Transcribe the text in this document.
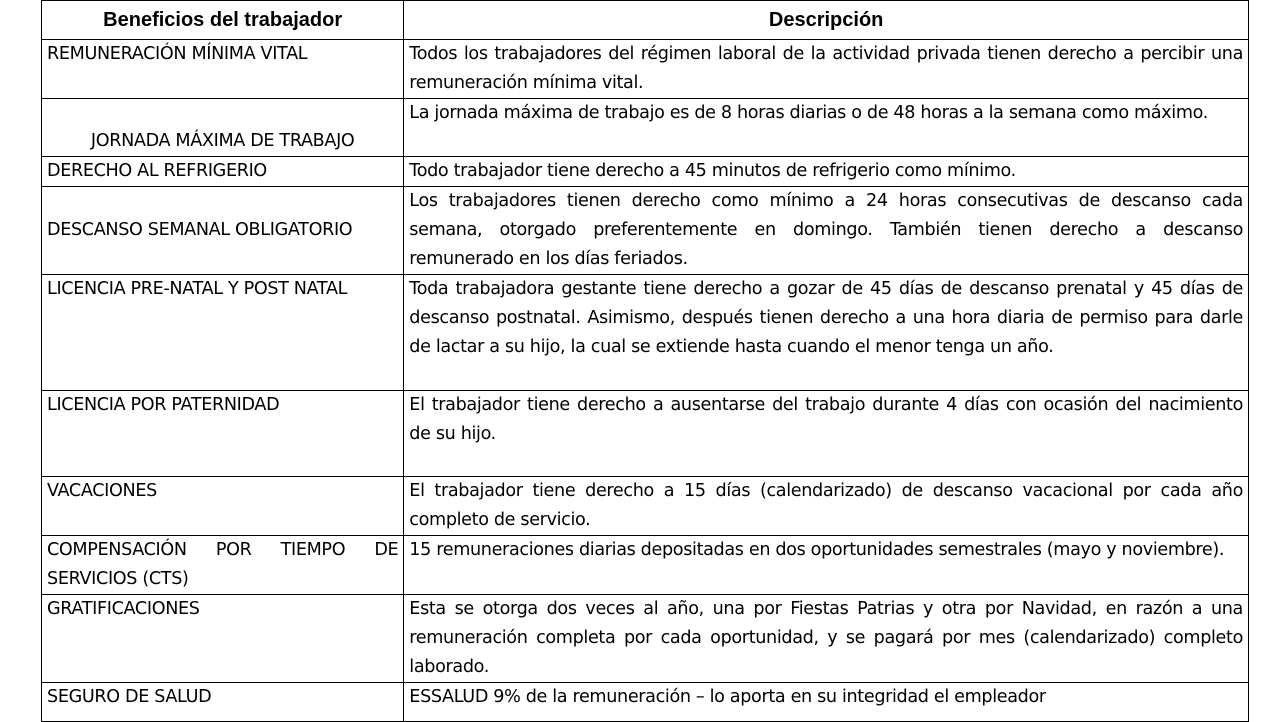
Beneficios del trabajador	Descripción
REMUNERACIÓN MÍNIMA VITAL	Todos los trabajadores del régimen laboral de la actividad privada tienen derecho a percibir una remuneración mínima vital.
JORNADA MÁXIMA DE TRABAJO	La jornada máxima de trabajo es de 8 horas diarias o de 48 horas a la semana como máximo.
DERECHO AL REFRIGERIO	Todo trabajador tiene derecho a 45 minutos de refrigerio como mínimo.
DESCANSO SEMANAL OBLIGATORIO	Los trabajadores tienen derecho como mínimo a 24 horas consecutivas de descanso cada semana, otorgado preferentemente en domingo. También tienen derecho a descanso remunerado en los días feriados.
LICENCIA PRE-NATAL Y POST NATAL	Toda trabajadora gestante tiene derecho a gozar de 45 días de descanso prenatal y 45 días de descanso postnatal. Asimismo, después tienen derecho a una hora diaria de permiso para darle de lactar a su hijo, la cual se extiende hasta cuando el menor tenga un año.
LICENCIA POR PATERNIDAD	El trabajador tiene derecho a ausentarse del trabajo durante 4 días con ocasión del nacimiento de su hijo.
VACACIONES	El trabajador tiene derecho a 15 días (calendarizado) de descanso vacacional por cada año completo de servicio.
COMPENSACIÓN POR TIEMPO DE SERVICIOS (CTS)	15 remuneraciones diarias depositadas en dos oportunidades semestrales (mayo y noviembre).
GRATIFICACIONES	Esta se otorga dos veces al año, una por Fiestas Patrias y otra por Navidad, en razón a una remuneración completa por cada oportunidad, y se pagará por mes (calendarizado) completo laborado.
SEGURO DE SALUD	ESSALUD 9% de la remuneración – lo aporta en su integridad el empleador
